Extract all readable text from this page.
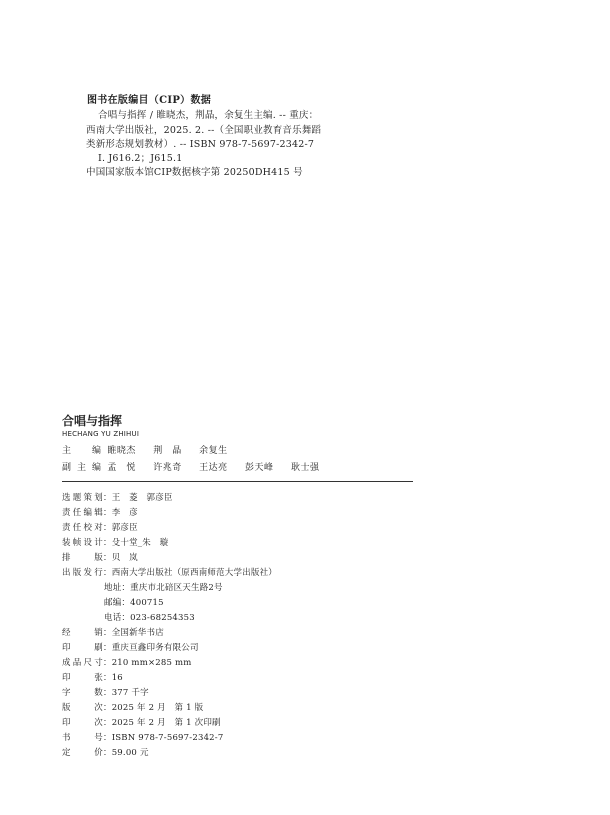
图书在版编目（CIP）数据
合唱与指挥 / 睢晓杰，荆晶，余复生主编. -- 重庆：
西南大学出版社，2025. 2. --（全国职业教育音乐舞蹈
类新形态规划教材）. -- ISBN 978-7-5697-2342-7
Ⅰ. J616.2；J615.1
中国国家版本馆CIP数据核字第 20250DH415 号
合唱与指挥
HECHANG YU ZHIHUI
主　编 睢晓杰 荆　晶 余复生
副主编 孟　悦 许兆奇 王达亮 彭天峰 耿士强
选题策划：王　菱　郭彦臣
责任编辑：李　彦
责任校对：郭彦臣
装帧设计：殳十堂_朱　璇
排　　版：贝　岚
出版发行：西南大学出版社（原西南师范大学出版社）
地址：重庆市北碚区天生路2号
邮编：400715
电话：023-68254353
经　　销：全国新华书店
印　　刷：重庆亘鑫印务有限公司
成品尺寸：210 mm×285 mm
印　　张：16
字　　数：377 千字
版　　次：2025 年 2 月　第 1 版
印　　次：2025 年 2 月　第 1 次印刷
书　　号：ISBN 978-7-5697-2342-7
定　　价：59.00 元
